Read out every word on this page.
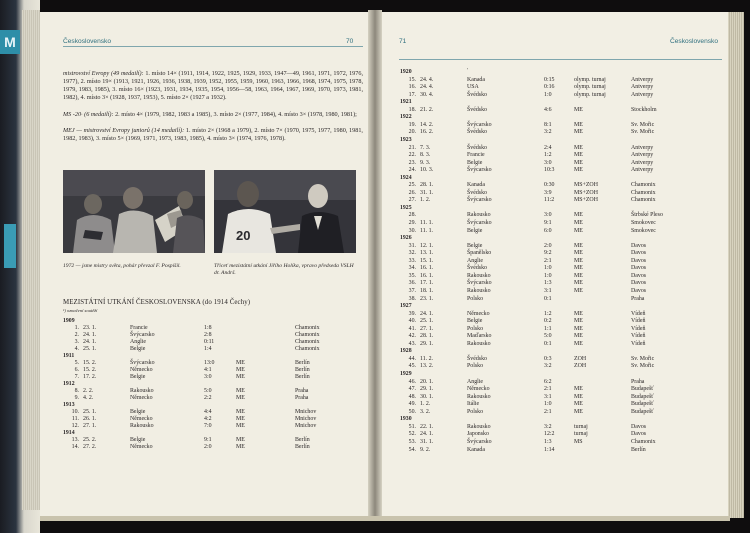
M	Československo	70
mistrovství Evropy (49 medailí): 1. místo 14× (1911, 1914, 1922, 1925, 1929, 1933, 1947—49, 1961, 1971, 1972, 1976, 1977), 2. místo 19× (1913, 1921, 1926, 1936, 1938, 1939, 1952, 1955, 1959, 1960, 1963, 1966, 1968, 1974, 1975, 1978, 1979, 1983, 1985), 3. místo 16× (1923, 1931, 1934, 1935, 1954, 1956—58, 1963, 1964, 1967, 1969, 1970, 1973, 1981, 1982), 4. místo 3× (1928, 1937, 1953), 5. místo 2× (1927 a 1932).
MS -20· (6 medailí): 2. místo 4× (1979, 1982, 1983 a 1985), 3. místo 2× (1977, 1984), 4. místo 3× (1978, 1980, 1981);
MEJ — mistrovství Evropy juniorů (14 medailí): 1. místo 2× (1968 a 1979), 2. místo 7× (1970, 1975, 1977, 1980, 1981, 1982, 1983), 3. místo 5× (1969, 1971, 1973, 1983, 1985), 4. místo 3× (1974, 1976, 1978).
20
1972 — jsme mistry světa, pohár převzal F. Pospíšil.	Třiceť mezistátní utkání Jiřího Holíka, vpravo předseda VSLH dr. Andrš.
MEZISTÁTNÍ UTKÁNÍ ČESKOSLOVENSKA (do 1914 Čechy)
¹) označení soutěží
1909
1. 23. 1.	Francie	1:8	Chamonix
2. 24. 1.	Švýcarsko	2:8	Chamonix
3. 24. 1.	Anglie	0:11	Chamonix
4. 25. 1.	Belgie	1:4	Chamonix
1911
5. 15. 2.	Švýcarsko	13:0	ME	Berlín
6. 15. 2.	Německo	4:1	ME	Berlín
7. 17. 2.	Belgie	3:0	ME	Berlín
1912
8. 2. 2.	Rakousko	5:0	ME	Praha
9. 4. 2.	Německo	2:2	ME	Praha
1913
10. 25. 1.	Belgie	4:4	ME	Mnichov
11. 26. 1.	Německo	4:2	ME	Mnichov
12. 27. 1.	Rakousko	7:0	ME	Mnichov
1914
13. 25. 2.	Belgie	9:1	ME	Berlín
14. 27. 2.	Německo	2:0	ME	Berlín
1920
15. 24. 4.	Kanada	0:15	olymp. turnaj	Antverpy
16. 24. 4.	USA	0:16	olymp. turnaj	Antverpy
17. 30. 4.	Švédsko	1:0	olymp. turnaj	Antverpy
1921
18. 21. 2.	Švédsko	4:6	ME	Stockholm
1922
19. 14. 2.	Švýcarsko	8:1	ME	Sv. Mořic
20. 16. 2.	Švédsko	3:2	ME	Sv. Mořic
1923
21. 7. 3.	Švédsko	2:4	ME	Antverpy
22. 8. 3.	Francie	1:2	ME	Antverpy
23. 9. 3.	Belgie	3:0	ME	Antverpy
24. 10. 3.	Švýcarsko	10:3	ME	Antverpy
1924
25. 28. 1.	Kanada	0:30	MS+ZOH	Chamonix
26. 31. 1.	Švédsko	3:9	MS+ZOH	Chamonix
27. 1. 2.	Švýcarsko	11:2	MS+ZOH	Chamonix
1925
28.	Rakousko	3:0	ME	Štrbské Pleso
29. 11. 1.	Švýcarsko	9:1	ME	Smokovec
30. 11. 1.	Belgie	6:0	ME	Smokovec
1926
31. 12. 1.	Belgie	2:0	ME	Davos
32. 13. 1.	Španělsko	9:2	ME	Davos
33. 15. 1.	Anglie	2:1	ME	Davos
34. 16. 1.	Švédsko	1:0	ME	Davos
35. 16. 1.	Rakousko	1:0	ME	Davos
36. 17. 1.	Švýcarsko	1:3	ME	Davos
37. 18. 1.	Rakousko	3:1	ME	Davos
38. 23. 1.	Polsko	0:1	Praha
1927
39. 24. 1.	Německo	1:2	ME	Vídeň
40. 25. 1.	Belgie	0:2	ME	Vídeň
41. 27. 1.	Polsko	1:1	ME	Vídeň
42. 28. 1.	Maďarsko	5:0	ME	Vídeň
43. 29. 1.	Rakousko	0:1	ME	Vídeň
1928
44. 11. 2.	Švédsko	0:3	ZOH	Sv. Mořic
45. 13. 2.	Polsko	3:2	ZOH	Sv. Mořic
1929
46. 20. 1.	Anglie	6:2	Praha
47. 29. 1.	Německo	2:1	ME	Budapešť
48. 30. 1.	Rakousko	3:1	ME	Budapešť
49. 1. 2.	Itálie	1:0	ME	Budapešť
50. 3. 2.	Polsko	2:1	ME	Budapešť
1930
51. 22. 1.	Rakousko	3:2	turnaj	Davos
52. 24. 1.	Japonsko	12:2	turnaj	Davos
53. 31. 1.	Švýcarsko	1:3	MS	Chamonix
54. 9. 2.	Kanada	1:14	Berlín
71	Československo
'
